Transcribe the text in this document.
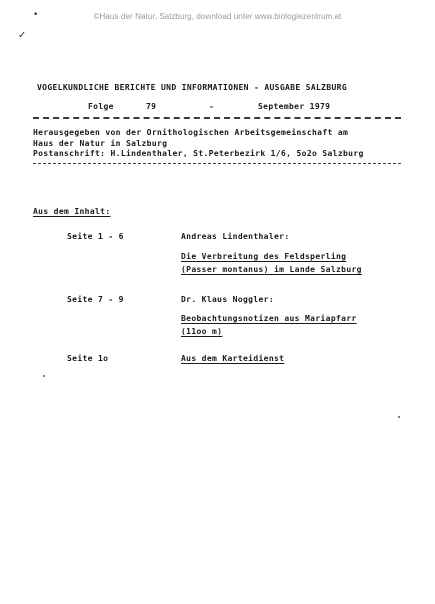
•	©Haus der Natur, Salzburg, download unter www.biologiezentrum.at
✓
VOGELKUNDLICHE BERICHTE UND INFORMATIONEN - AUSGABE SALZBURG
Folge	79	-	September 1979
Herausgegeben von der Ornithologischen Arbeitsgemeinschaft am
Haus der Natur in Salzburg
Postanschrift: H.Lindenthaler, St.Peterbezirk 1/6, 5o2o Salzburg
Aus dem Inhalt:
Seite 1 - 6	Andreas Lindenthaler:
Die Verbreitung des Feldsperling
(Passer montanus) im Lande Salzburg
Seite 7 - 9	Dr. Klaus Noggler:
Beobachtungsnotizen aus Mariapfarr
(11oo m)
Seite 1o	Aus dem Karteidienst
